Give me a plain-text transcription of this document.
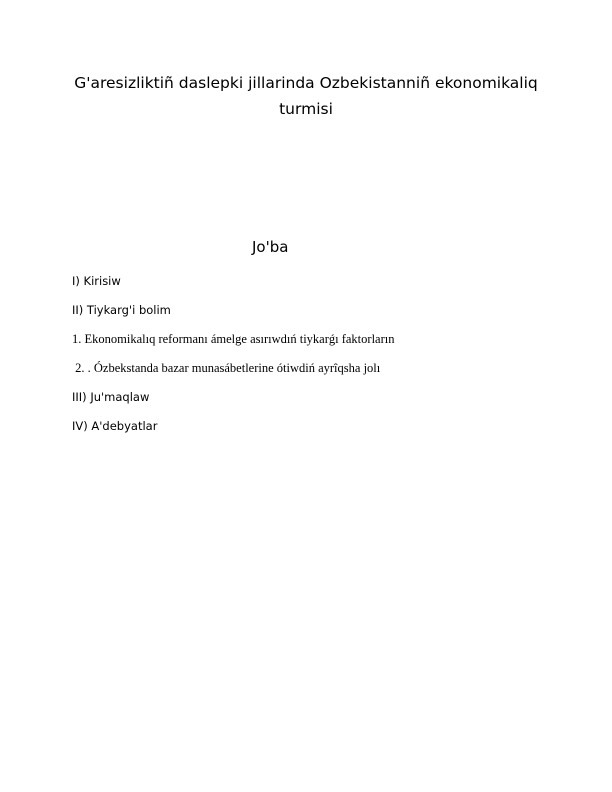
G'aresizliktiñ daslepki jillarinda Ozbekistanniñ ekonomikaliq
turmisi
Jo'ba
I) Kirisiw
II) Tiykarg'i bolim
1. Ekonomikalıq reformanı ámelge asırıwdıń tiykarǵı faktorların
2. . Ózbekstanda bazar munasábetlerine ótiwdiń ayrîqsha jolı
III) Ju'maqlaw
IV) A'debyatlar
